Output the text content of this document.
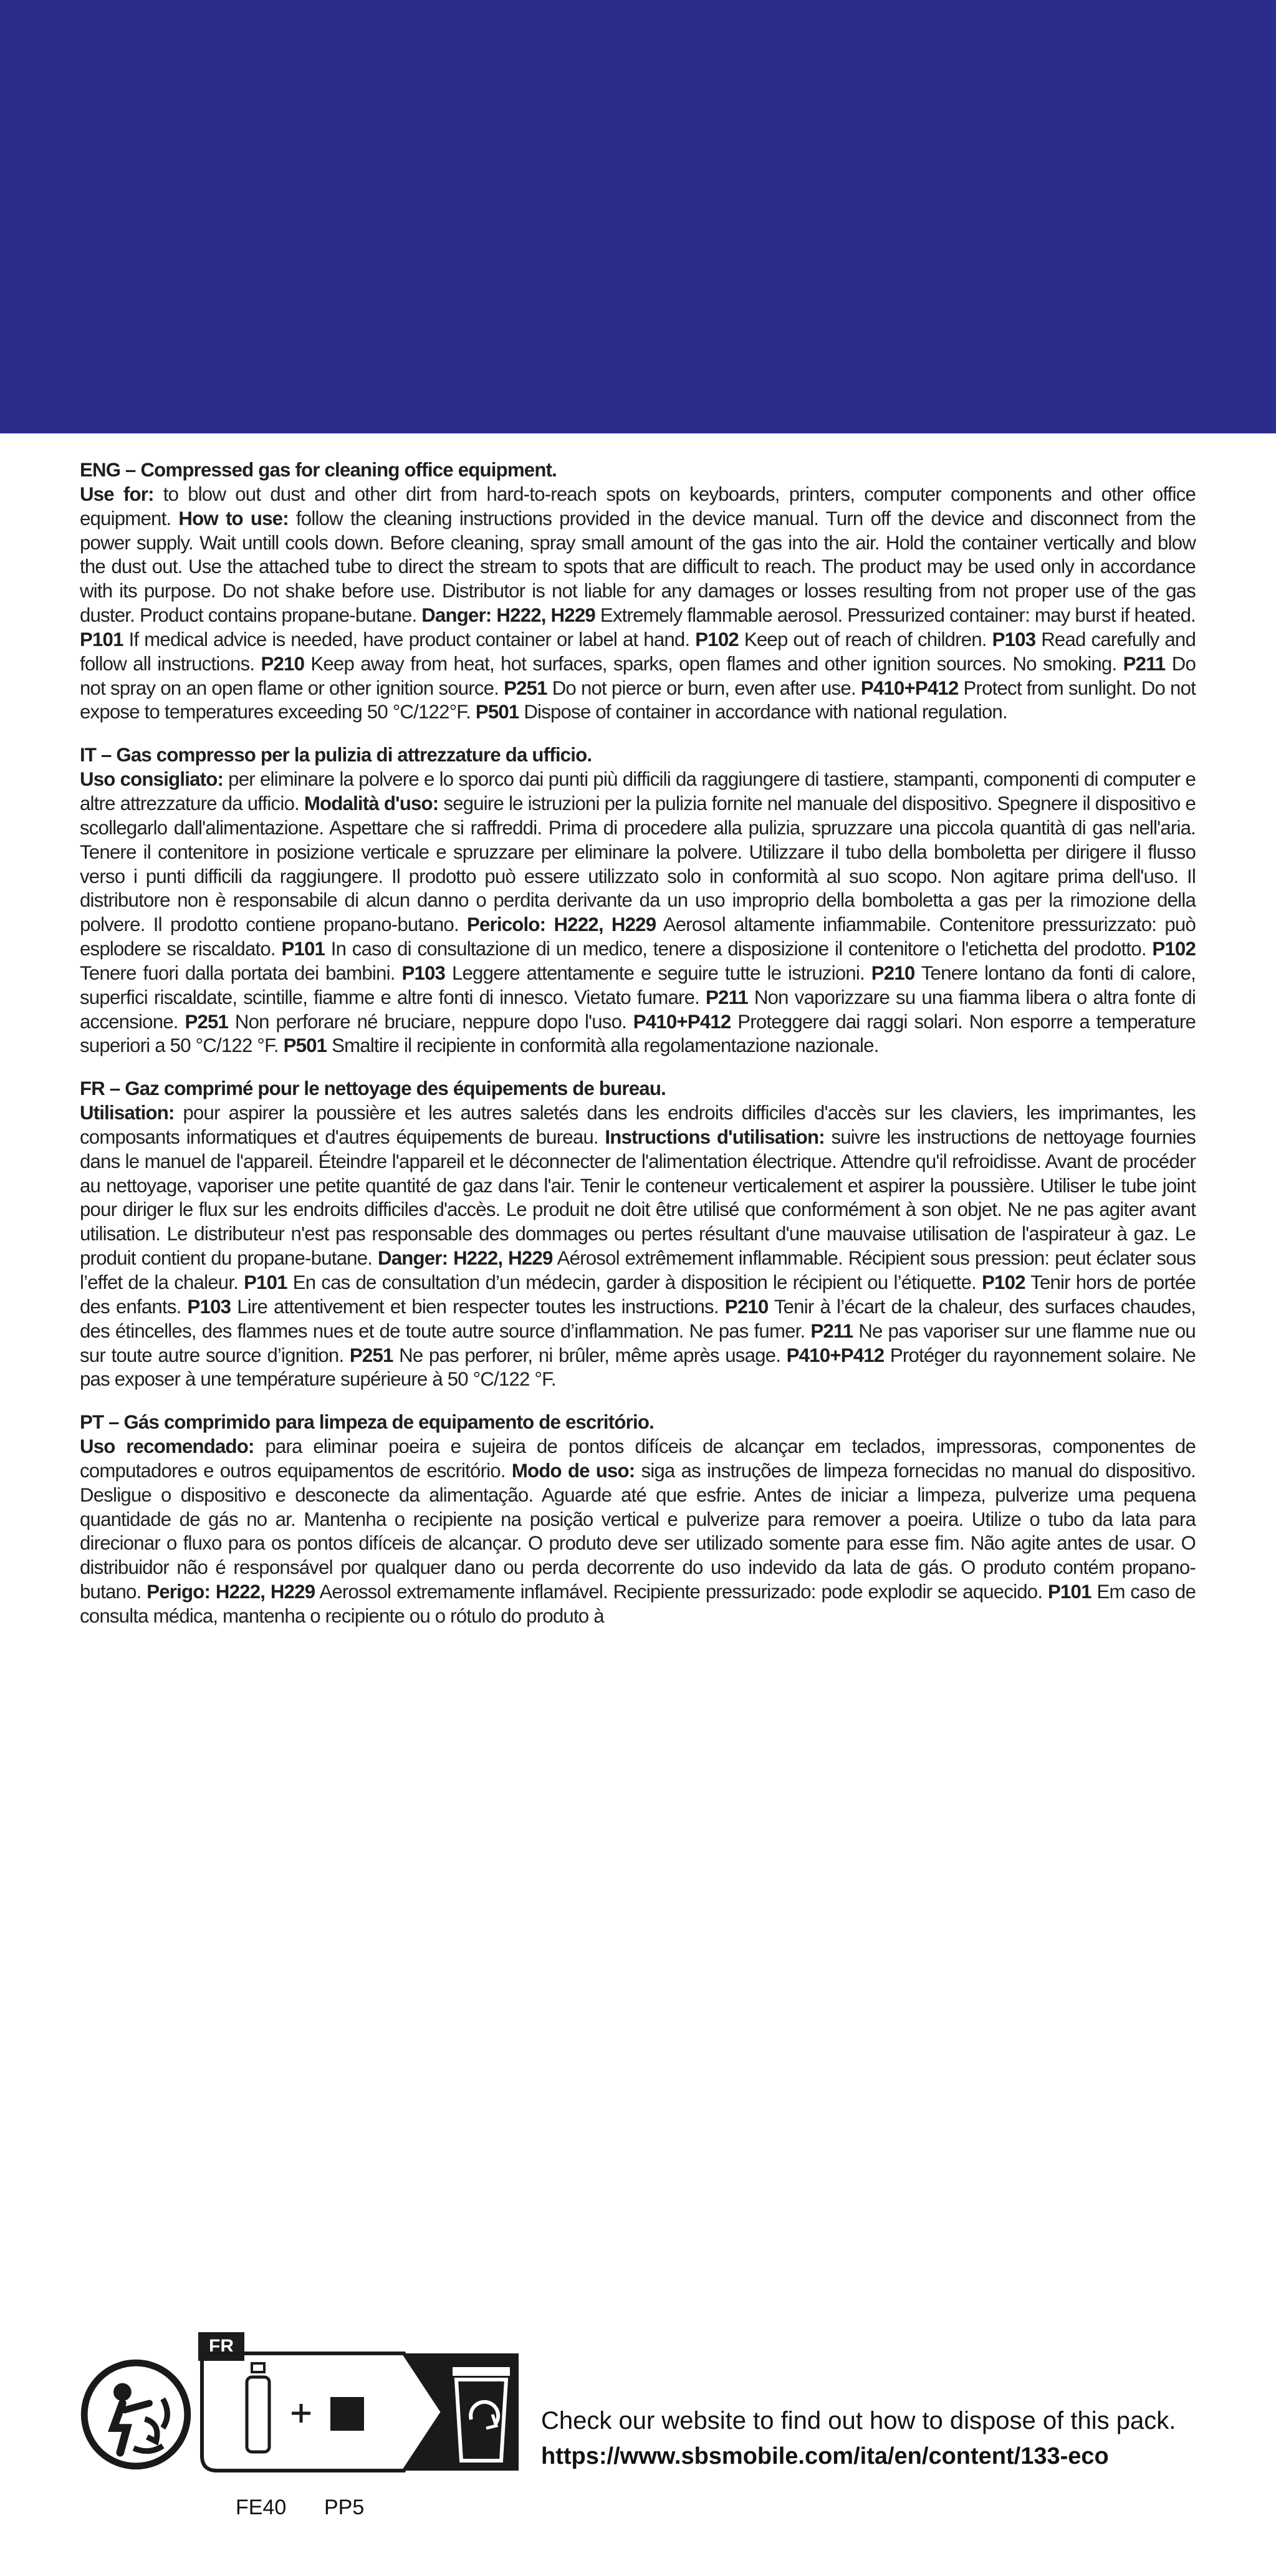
ENG – Compressed gas for cleaning office equipment.

Use for: to blow out dust and other dirt from hard-to-reach spots on keyboards, printers, computer components and other office equipment. How to use: follow the cleaning instructions provided in the device manual. Turn off the device and disconnect from the power supply. Wait untill cools down. Before cleaning, spray small amount of the gas into the air. Hold the container vertically and blow the dust out. Use the attached tube to direct the stream to spots that are difficult to reach. The product may be used only in accordance with its purpose. Do not shake before use. Distributor is not liable for any damages or losses resulting from not proper use of the gas duster. Product contains propane-butane. Danger: H222, H229 Extremely flammable aerosol. Pressurized container: may burst if heated. P101 If medical advice is needed, have product container or label at hand. P102 Keep out of reach of children. P103 Read carefully and follow all instructions. P210 Keep away from heat, hot surfaces, sparks, open flames and other ignition sources. No smoking. P211 Do not spray on an open flame or other ignition source. P251 Do not pierce or burn, even after use. P410+P412 Protect from sunlight. Do not expose to temperatures exceeding 50 °C/122°F. P501 Dispose of container in accordance with national regulation.

IT – Gas compresso per la pulizia di attrezzature da ufficio.

Uso consigliato: per eliminare la polvere e lo sporco dai punti più difficili da raggiungere di tastiere, stampanti, componenti di computer e altre attrezzature da ufficio. Modalità d'uso: seguire le istruzioni per la pulizia fornite nel manuale del dispositivo. Spegnere il dispositivo e scollegarlo dall'alimentazione. Aspettare che si raffreddi. Prima di procedere alla pulizia, spruzzare una piccola quantità di gas nell'aria. Tenere il contenitore in posizione verticale e spruzzare per eliminare la polvere. Utilizzare il tubo della bomboletta per dirigere il flusso verso i punti difficili da raggiungere. Il prodotto può essere utilizzato solo in conformità al suo scopo. Non agitare prima dell'uso. Il distributore non è responsabile di alcun danno o perdita derivante da un uso improprio della bomboletta a gas per la rimozione della polvere. Il prodotto contiene propano-butano. Pericolo: H222, H229 Aerosol altamente infiammabile. Contenitore pressurizzato: può esplodere se riscaldato. P101 In caso di consultazione di un medico, tenere a disposizione il contenitore o l'etichetta del prodotto. P102 Tenere fuori dalla portata dei bambini. P103 Leggere attentamente e seguire tutte le istruzioni. P210 Tenere lontano da fonti di calore, superfici riscaldate, scintille, fiamme e altre fonti di innesco. Vietato fumare. P211 Non vaporizzare su una fiamma libera o altra fonte di accensione. P251 Non perforare né bruciare, neppure dopo l'uso. P410+P412 Proteggere dai raggi solari. Non esporre a temperature superiori a 50 °C/122 °F. P501 Smaltire il recipiente in conformità alla regolamentazione nazionale.

FR – Gaz comprimé pour le nettoyage des équipements de bureau.

Utilisation: pour aspirer la poussière et les autres saletés dans les endroits difficiles d'accès sur les claviers, les imprimantes, les composants informatiques et d'autres équipements de bureau. Instructions d'utilisation: suivre les instructions de nettoyage fournies dans le manuel de l'appareil. Éteindre l'appareil et le déconnecter de l'alimentation électrique. Attendre qu'il refroidisse. Avant de procéder au nettoyage, vaporiser une petite quantité de gaz dans l'air. Tenir le conteneur verticalement et aspirer la poussière. Utiliser le tube joint pour diriger le flux sur les endroits difficiles d'accès. Le produit ne doit être utilisé que conformément à son objet. Ne ne pas agiter avant utilisation. Le distributeur n'est pas responsable des dommages ou pertes résultant d'une mauvaise utilisation de l'aspirateur à gaz. Le produit contient du propane-butane. Danger: H222, H229 Aérosol extrêmement inflammable. Récipient sous pression: peut éclater sous l’effet de la chaleur. P101 En cas de consultation d’un médecin, garder à disposition le récipient ou l’étiquette. P102 Tenir hors de portée des enfants. P103 Lire attentivement et bien respecter toutes les instructions. P210 Tenir à l’écart de la chaleur, des surfaces chaudes, des étincelles, des flammes nues et de toute autre source d’inflammation. Ne pas fumer. P211 Ne pas vaporiser sur une flamme nue ou sur toute autre source d’ignition. P251 Ne pas perforer, ni brûler, même après usage. P410+P412 Protéger du rayonnement solaire. Ne pas exposer à une température supérieure à 50 °C/122 °F.

PT – Gás comprimido para limpeza de equipamento de escritório.

Uso recomendado: para eliminar poeira e sujeira de pontos difíceis de alcançar em teclados, impressoras, componentes de computadores e outros equipamentos de escritório. Modo de uso: siga as instruções de limpeza fornecidas no manual do dispositivo. Desligue o dispositivo e desconecte da alimentação. Aguarde até que esfrie. Antes de iniciar a limpeza, pulverize uma pequena quantidade de gás no ar. Mantenha o recipiente na posição vertical e pulverize para remover a poeira. Utilize o tubo da lata para direcionar o fluxo para os pontos difíceis de alcançar. O produto deve ser utilizado somente para esse fim. Não agite antes de usar. O distribuidor não é responsável por qualquer dano ou perda decorrente do uso indevido da lata de gás. O produto contém propano-butano. Perigo: H222, H229 Aerossol extremamente inflamável. Recipiente pressurizado: pode explodir se aquecido. P101 Em caso de consulta médica, mantenha o recipiente ou o rótulo do produto à

FR
FE40 PP5
Check our website to find out how to dispose of this pack.
https://www.sbsmobile.com/ita/en/content/133-eco
